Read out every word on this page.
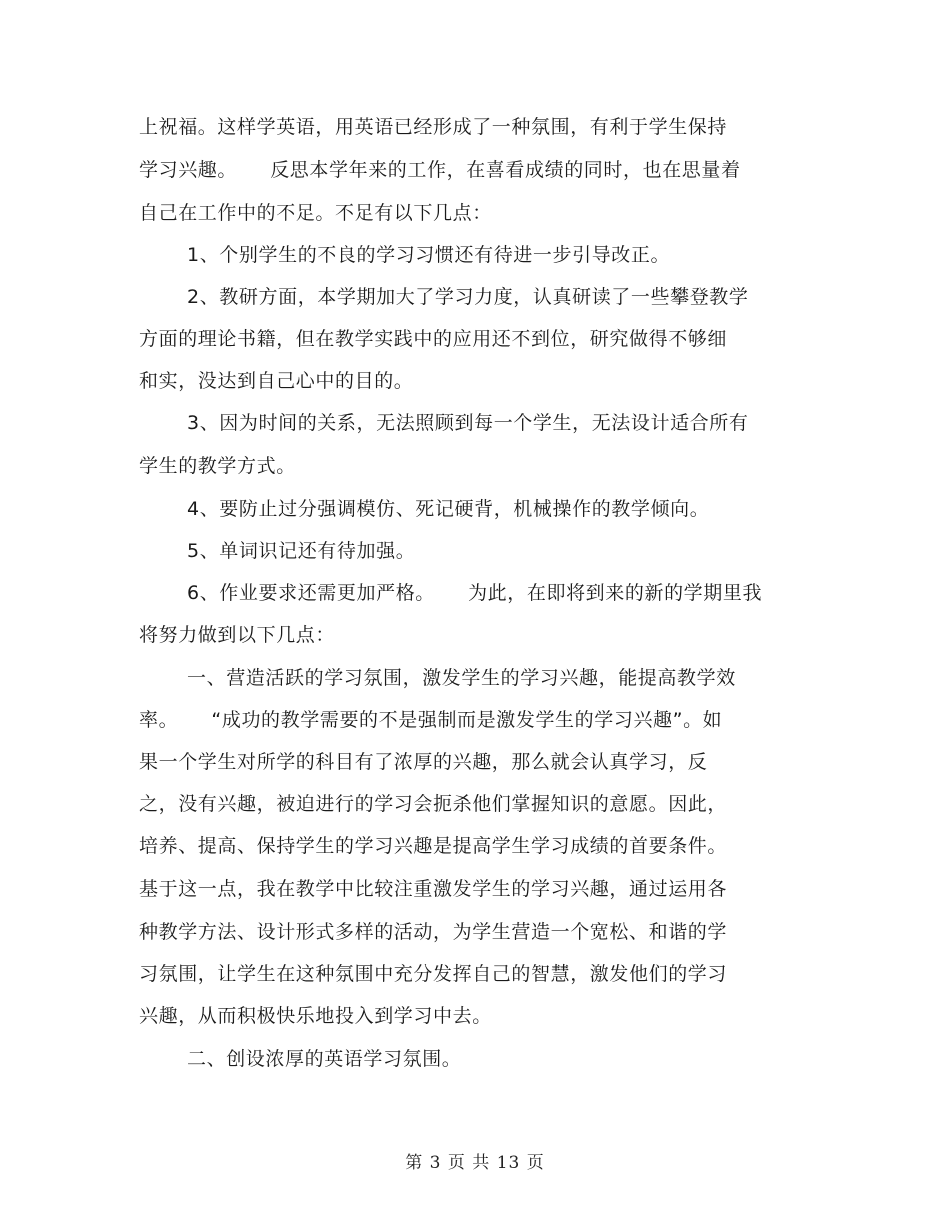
上祝福。这样学英语，用英语已经形成了一种氛围，有利于学生保持
学习兴趣。     反思本学年来的工作，在喜看成绩的同时，也在思量着
自己在工作中的不足。不足有以下几点：
1、个别学生的不良的学习习惯还有待进一步引导改正。
2、教研方面，本学期加大了学习力度，认真研读了一些攀登教学
方面的理论书籍，但在教学实践中的应用还不到位，研究做得不够细
和实，没达到自己心中的目的。
3、因为时间的关系，无法照顾到每一个学生，无法设计适合所有
学生的教学方式。
4、要防止过分强调模仿、死记硬背，机械操作的教学倾向。
5、单词识记还有待加强。
6、作业要求还需更加严格。     为此，在即将到来的新的学期里我
将努力做到以下几点：
一、营造活跃的学习氛围，激发学生的学习兴趣，能提高教学效
率。     “成功的教学需要的不是强制而是激发学生的学习兴趣”。如
果一个学生对所学的科目有了浓厚的兴趣，那么就会认真学习，反
之，没有兴趣，被迫进行的学习会扼杀他们掌握知识的意愿。因此，
培养、提高、保持学生的学习兴趣是提高学生学习成绩的首要条件。
基于这一点，我在教学中比较注重激发学生的学习兴趣，通过运用各
种教学方法、设计形式多样的活动，为学生营造一个宽松、和谐的学
习氛围，让学生在这种氛围中充分发挥自己的智慧，激发他们的学习
兴趣，从而积极快乐地投入到学习中去。
二、创设浓厚的英语学习氛围。
第 3 页 共 13 页
